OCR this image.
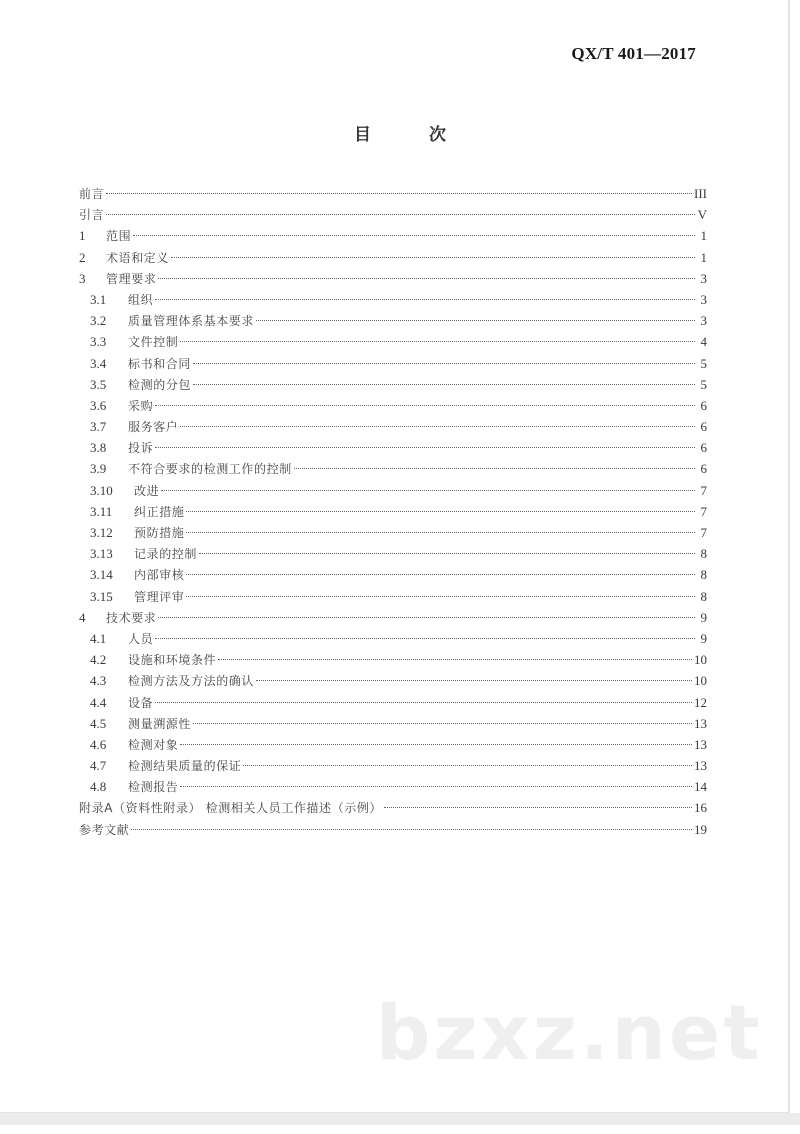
QX/T 401—2017
目	次
前言	III
引言	V
1	范围	1
2	术语和定义	1
3	管理要求	3
3.1	组织	3
3.2	质量管理体系基本要求	3
3.3	文件控制	4
3.4	标书和合同	5
3.5	检测的分包	5
3.6	采购	6
3.7	服务客户	6
3.8	投诉	6
3.9	不符合要求的检测工作的控制	6
3.10	改进	7
3.11	纠正措施	7
3.12	预防措施	7
3.13	记录的控制	8
3.14	内部审核	8
3.15	管理评审	8
4	技术要求	9
4.1	人员	9
4.2	设施和环境条件	10
4.3	检测方法及方法的确认	10
4.4	设备	12
4.5	测量溯源性	13
4.6	检测对象	13
4.7	检测结果质量的保证	13
4.8	检测报告	14
附录A（资料性附录） 检测相关人员工作描述（示例）	16
参考文献	19
bzxz.net
